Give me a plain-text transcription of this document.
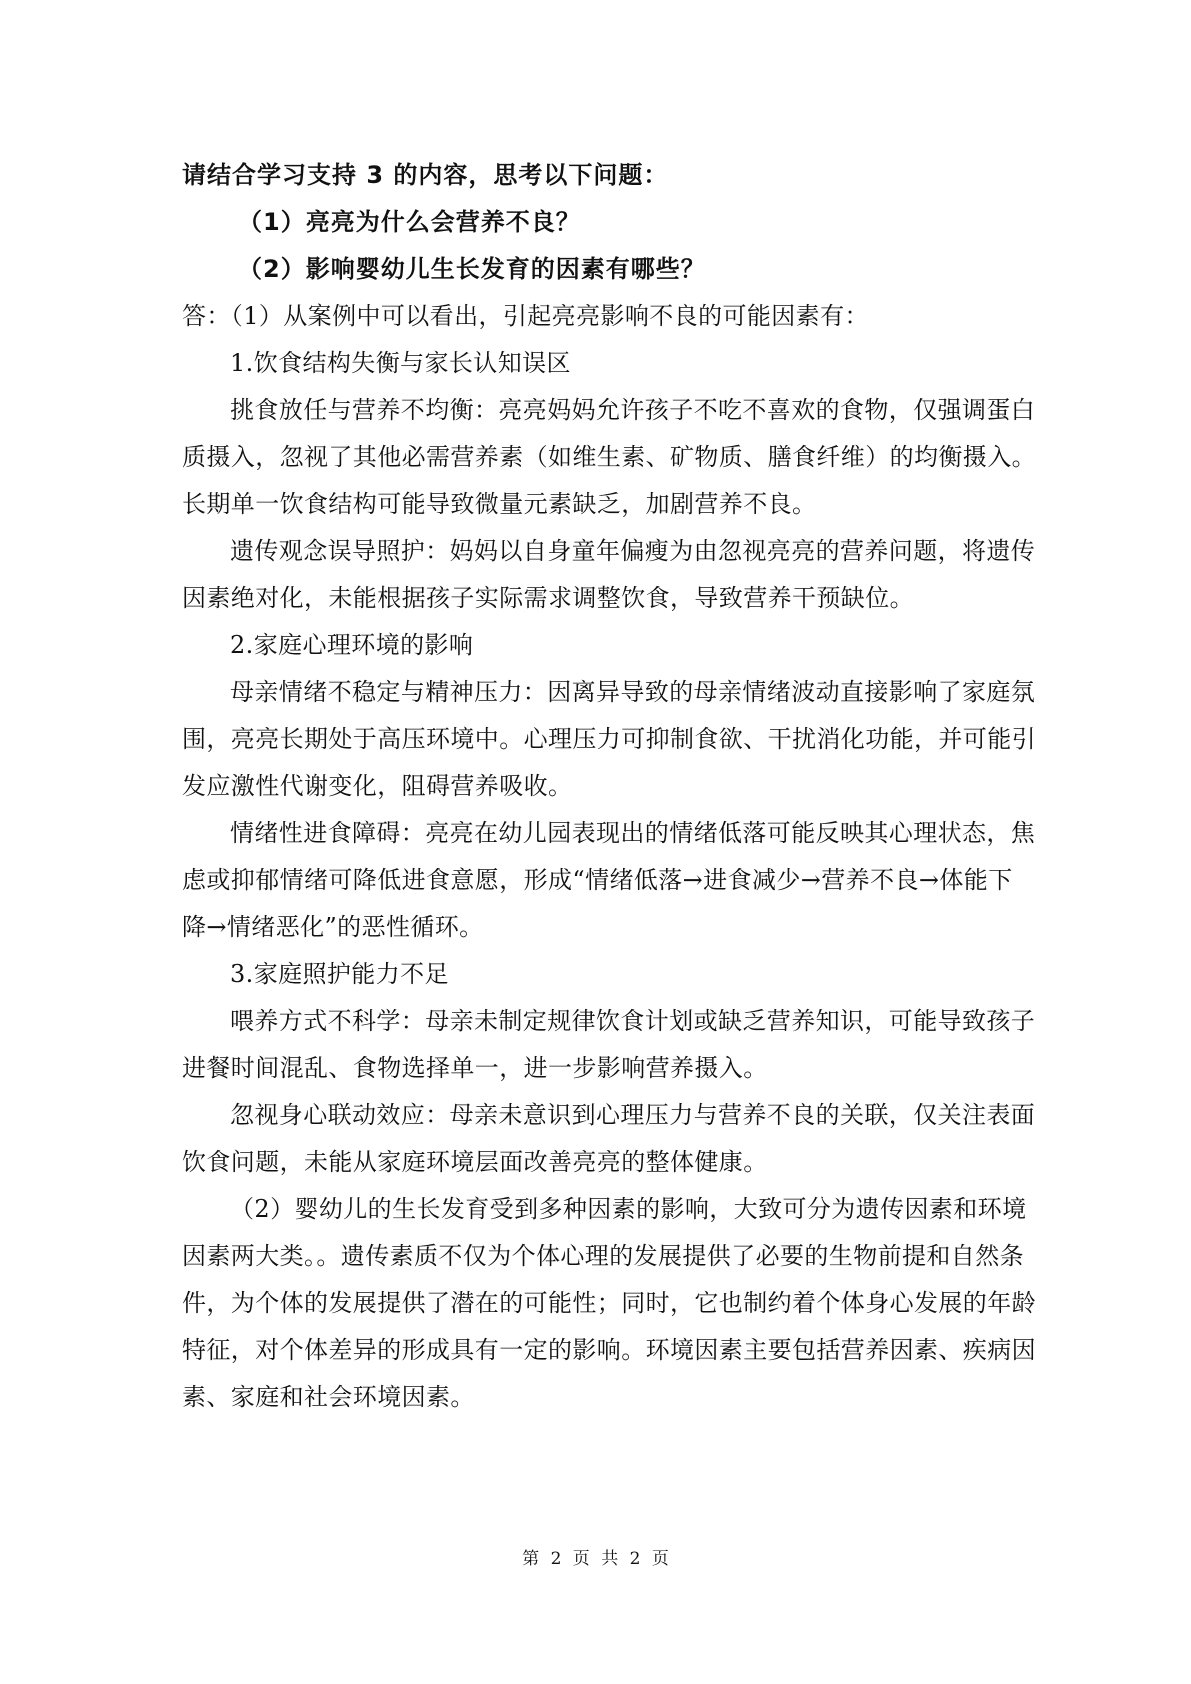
请结合学习支持 3 的内容，思考以下问题：

（1）亮亮为什么会营养不良？

（2）影响婴幼儿生长发育的因素有哪些？

答：（1）从案例中可以看出，引起亮亮影响不良的可能因素有：

1.饮食结构失衡与家长认知误区

挑食放任与营养不均衡：亮亮妈妈允许孩子不吃不喜欢的食物，仅强调蛋白

质摄入，忽视了其他必需营养素（如维生素、矿物质、膳食纤维）的均衡摄入。

长期单一饮食结构可能导致微量元素缺乏，加剧营养不良。

遗传观念误导照护：妈妈以自身童年偏瘦为由忽视亮亮的营养问题，将遗传

因素绝对化，未能根据孩子实际需求调整饮食，导致营养干预缺位。

2.家庭心理环境的影响

母亲情绪不稳定与精神压力：因离异导致的母亲情绪波动直接影响了家庭氛

围，亮亮长期处于高压环境中。心理压力可抑制食欲、干扰消化功能，并可能引

发应激性代谢变化，阻碍营养吸收。

情绪性进食障碍：亮亮在幼儿园表现出的情绪低落可能反映其心理状态，焦

虑或抑郁情绪可降低进食意愿，形成“情绪低落→进食减少→营养不良→体能下

降→情绪恶化”的恶性循环。

3.家庭照护能力不足

喂养方式不科学：母亲未制定规律饮食计划或缺乏营养知识，可能导致孩子

进餐时间混乱、食物选择单一，进一步影响营养摄入。

忽视身心联动效应：母亲未意识到心理压力与营养不良的关联，仅关注表面

饮食问题，未能从家庭环境层面改善亮亮的整体健康。

（2）婴幼儿的生长发育受到多种因素的影响，大致可分为遗传因素和环境

因素两大类。。遗传素质不仅为个体心理的发展提供了必要的生物前提和自然条

件，为个体的发展提供了潜在的可能性；同时，它也制约着个体身心发展的年龄

特征，对个体差异的形成具有一定的影响。环境因素主要包括营养因素、疾病因

素、家庭和社会环境因素。

第 2 页 共 2 页
